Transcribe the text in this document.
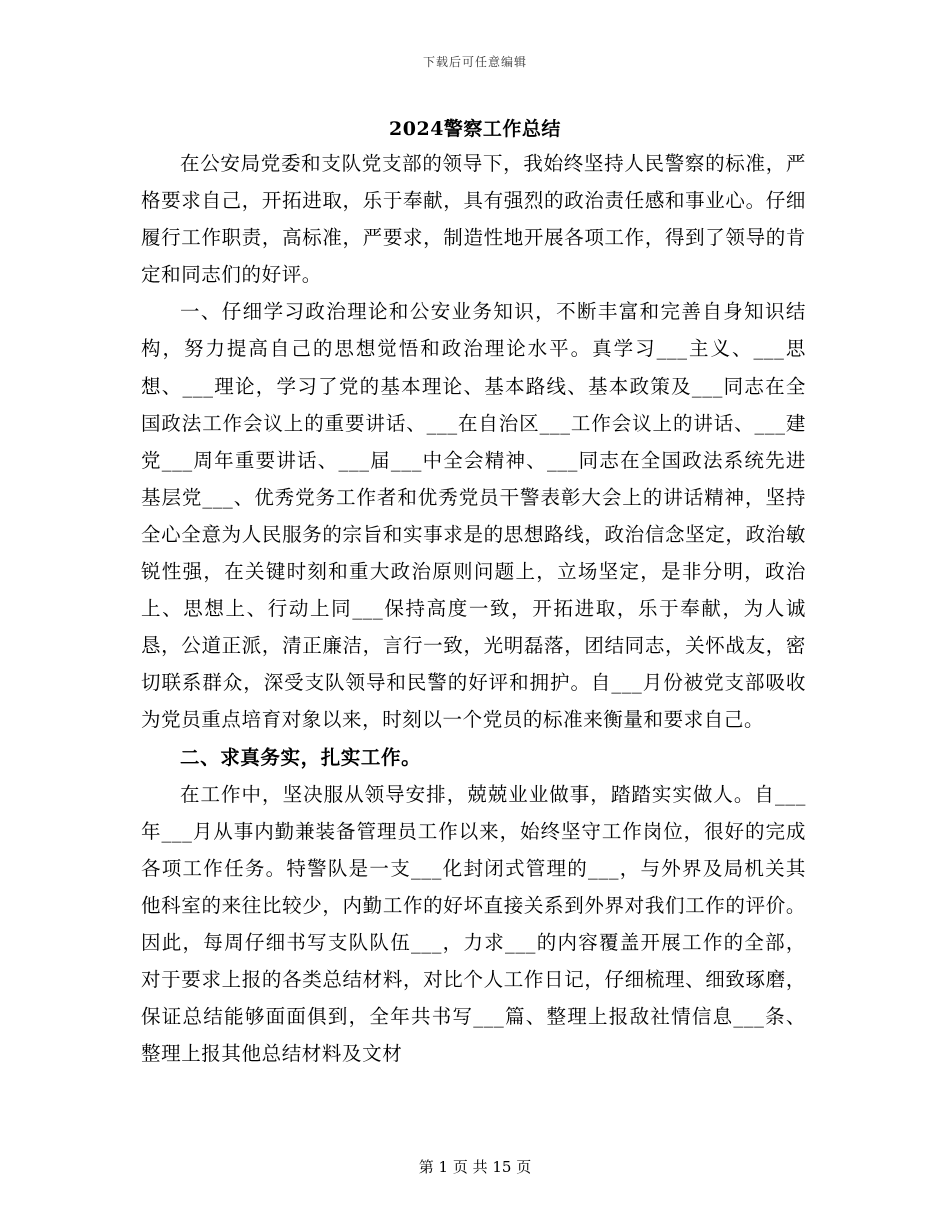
下载后可任意编辑
2024警察工作总结

在公安局党委和支队党支部的领导下，我始终坚持人民警察的标准，严格要求自己，开拓进取，乐于奉献，具有强烈的政治责任感和事业心。仔细履行工作职责，高标准，严要求，制造性地开展各项工作，得到了领导的肯定和同志们的好评。

一、仔细学习政治理论和公安业务知识，不断丰富和完善自身知识结构，努力提高自己的思想觉悟和政治理论水平。真学习___主义、___思想、___理论，学习了党的基本理论、基本路线、基本政策及___同志在全国政法工作会议上的重要讲话、___在自治区___工作会议上的讲话、___建党___周年重要讲话、___届___中全会精神、___同志在全国政法系统先进基层党___、优秀党务工作者和优秀党员干警表彰大会上的讲话精神，坚持全心全意为人民服务的宗旨和实事求是的思想路线，政治信念坚定，政治敏锐性强，在关键时刻和重大政治原则问题上，立场坚定，是非分明，政治上、思想上、行动上同___保持高度一致，开拓进取，乐于奉献，为人诚恳，公道正派，清正廉洁，言行一致，光明磊落，团结同志，关怀战友，密切联系群众，深受支队领导和民警的好评和拥护。自___月份被党支部吸收为党员重点培育对象以来，时刻以一个党员的标准来衡量和要求自己。

二、求真务实，扎实工作。

在工作中，坚决服从领导安排，兢兢业业做事，踏踏实实做人。自___年___月从事内勤兼装备管理员工作以来，始终坚守工作岗位，很好的完成各项工作任务。特警队是一支___化封闭式管理的___，与外界及局机关其他科室的来往比较少，内勤工作的好坏直接关系到外界对我们工作的评价。因此，每周仔细书写支队队伍___，力求___的内容覆盖开展工作的全部，对于要求上报的各类总结材料，对比个人工作日记，仔细梳理、细致琢磨，保证总结能够面面俱到，全年共书写___篇、整理上报敌社情信息___条、整理上报其他总结材料及文材

第 1 页 共 15 页
